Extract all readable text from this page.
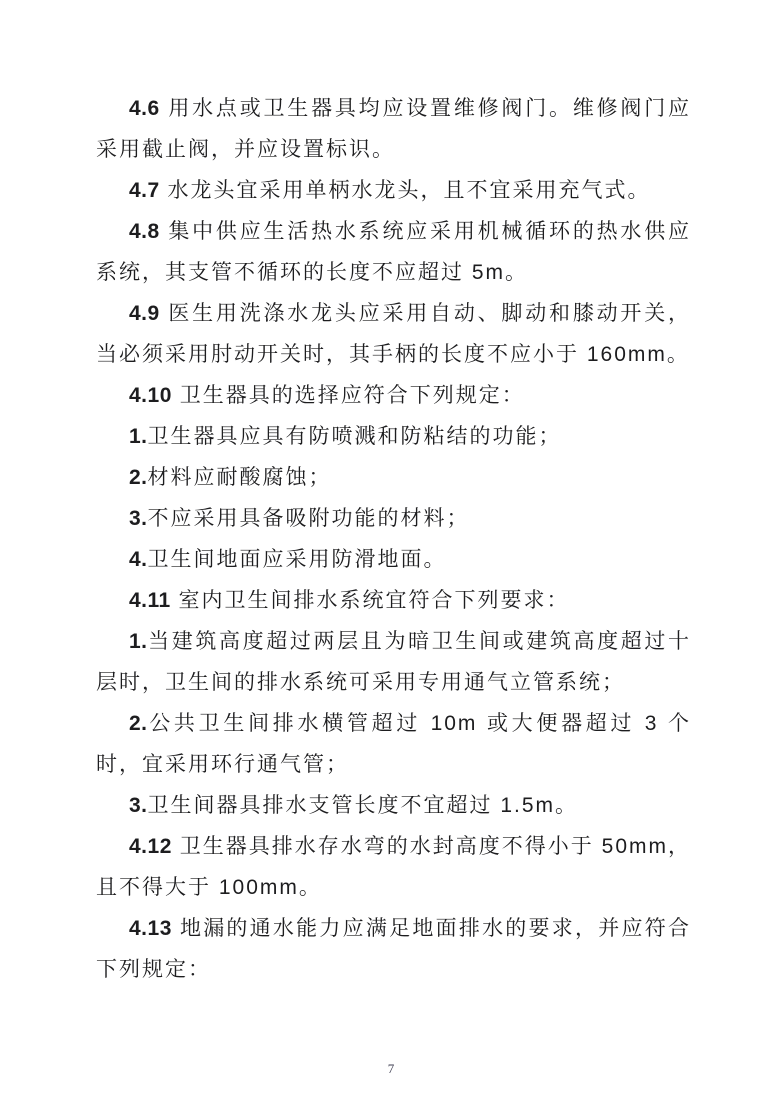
4.6 用水点或卫生器具均应设置维修阀门。维修阀门应采用截止阀，并应设置标识。

4.7 水龙头宜采用单柄水龙头，且不宜采用充气式。

4.8 集中供应生活热水系统应采用机械循环的热水供应系统，其支管不循环的长度不应超过 5m。

4.9 医生用洗涤水龙头应采用自动、脚动和膝动开关，当必须采用肘动开关时，其手柄的长度不应小于 160mm。

4.10 卫生器具的选择应符合下列规定：

1.卫生器具应具有防喷溅和防粘结的功能；

2.材料应耐酸腐蚀；

3.不应采用具备吸附功能的材料；

4.卫生间地面应采用防滑地面。

4.11 室内卫生间排水系统宜符合下列要求：

1.当建筑高度超过两层且为暗卫生间或建筑高度超过十层时，卫生间的排水系统可采用专用通气立管系统；

2.公共卫生间排水横管超过 10m 或大便器超过 3 个时，宜采用环行通气管；

3.卫生间器具排水支管长度不宜超过 1.5m。

4.12 卫生器具排水存水弯的水封高度不得小于 50mm，且不得大于 100mm。

4.13 地漏的通水能力应满足地面排水的要求，并应符合下列规定：

7
